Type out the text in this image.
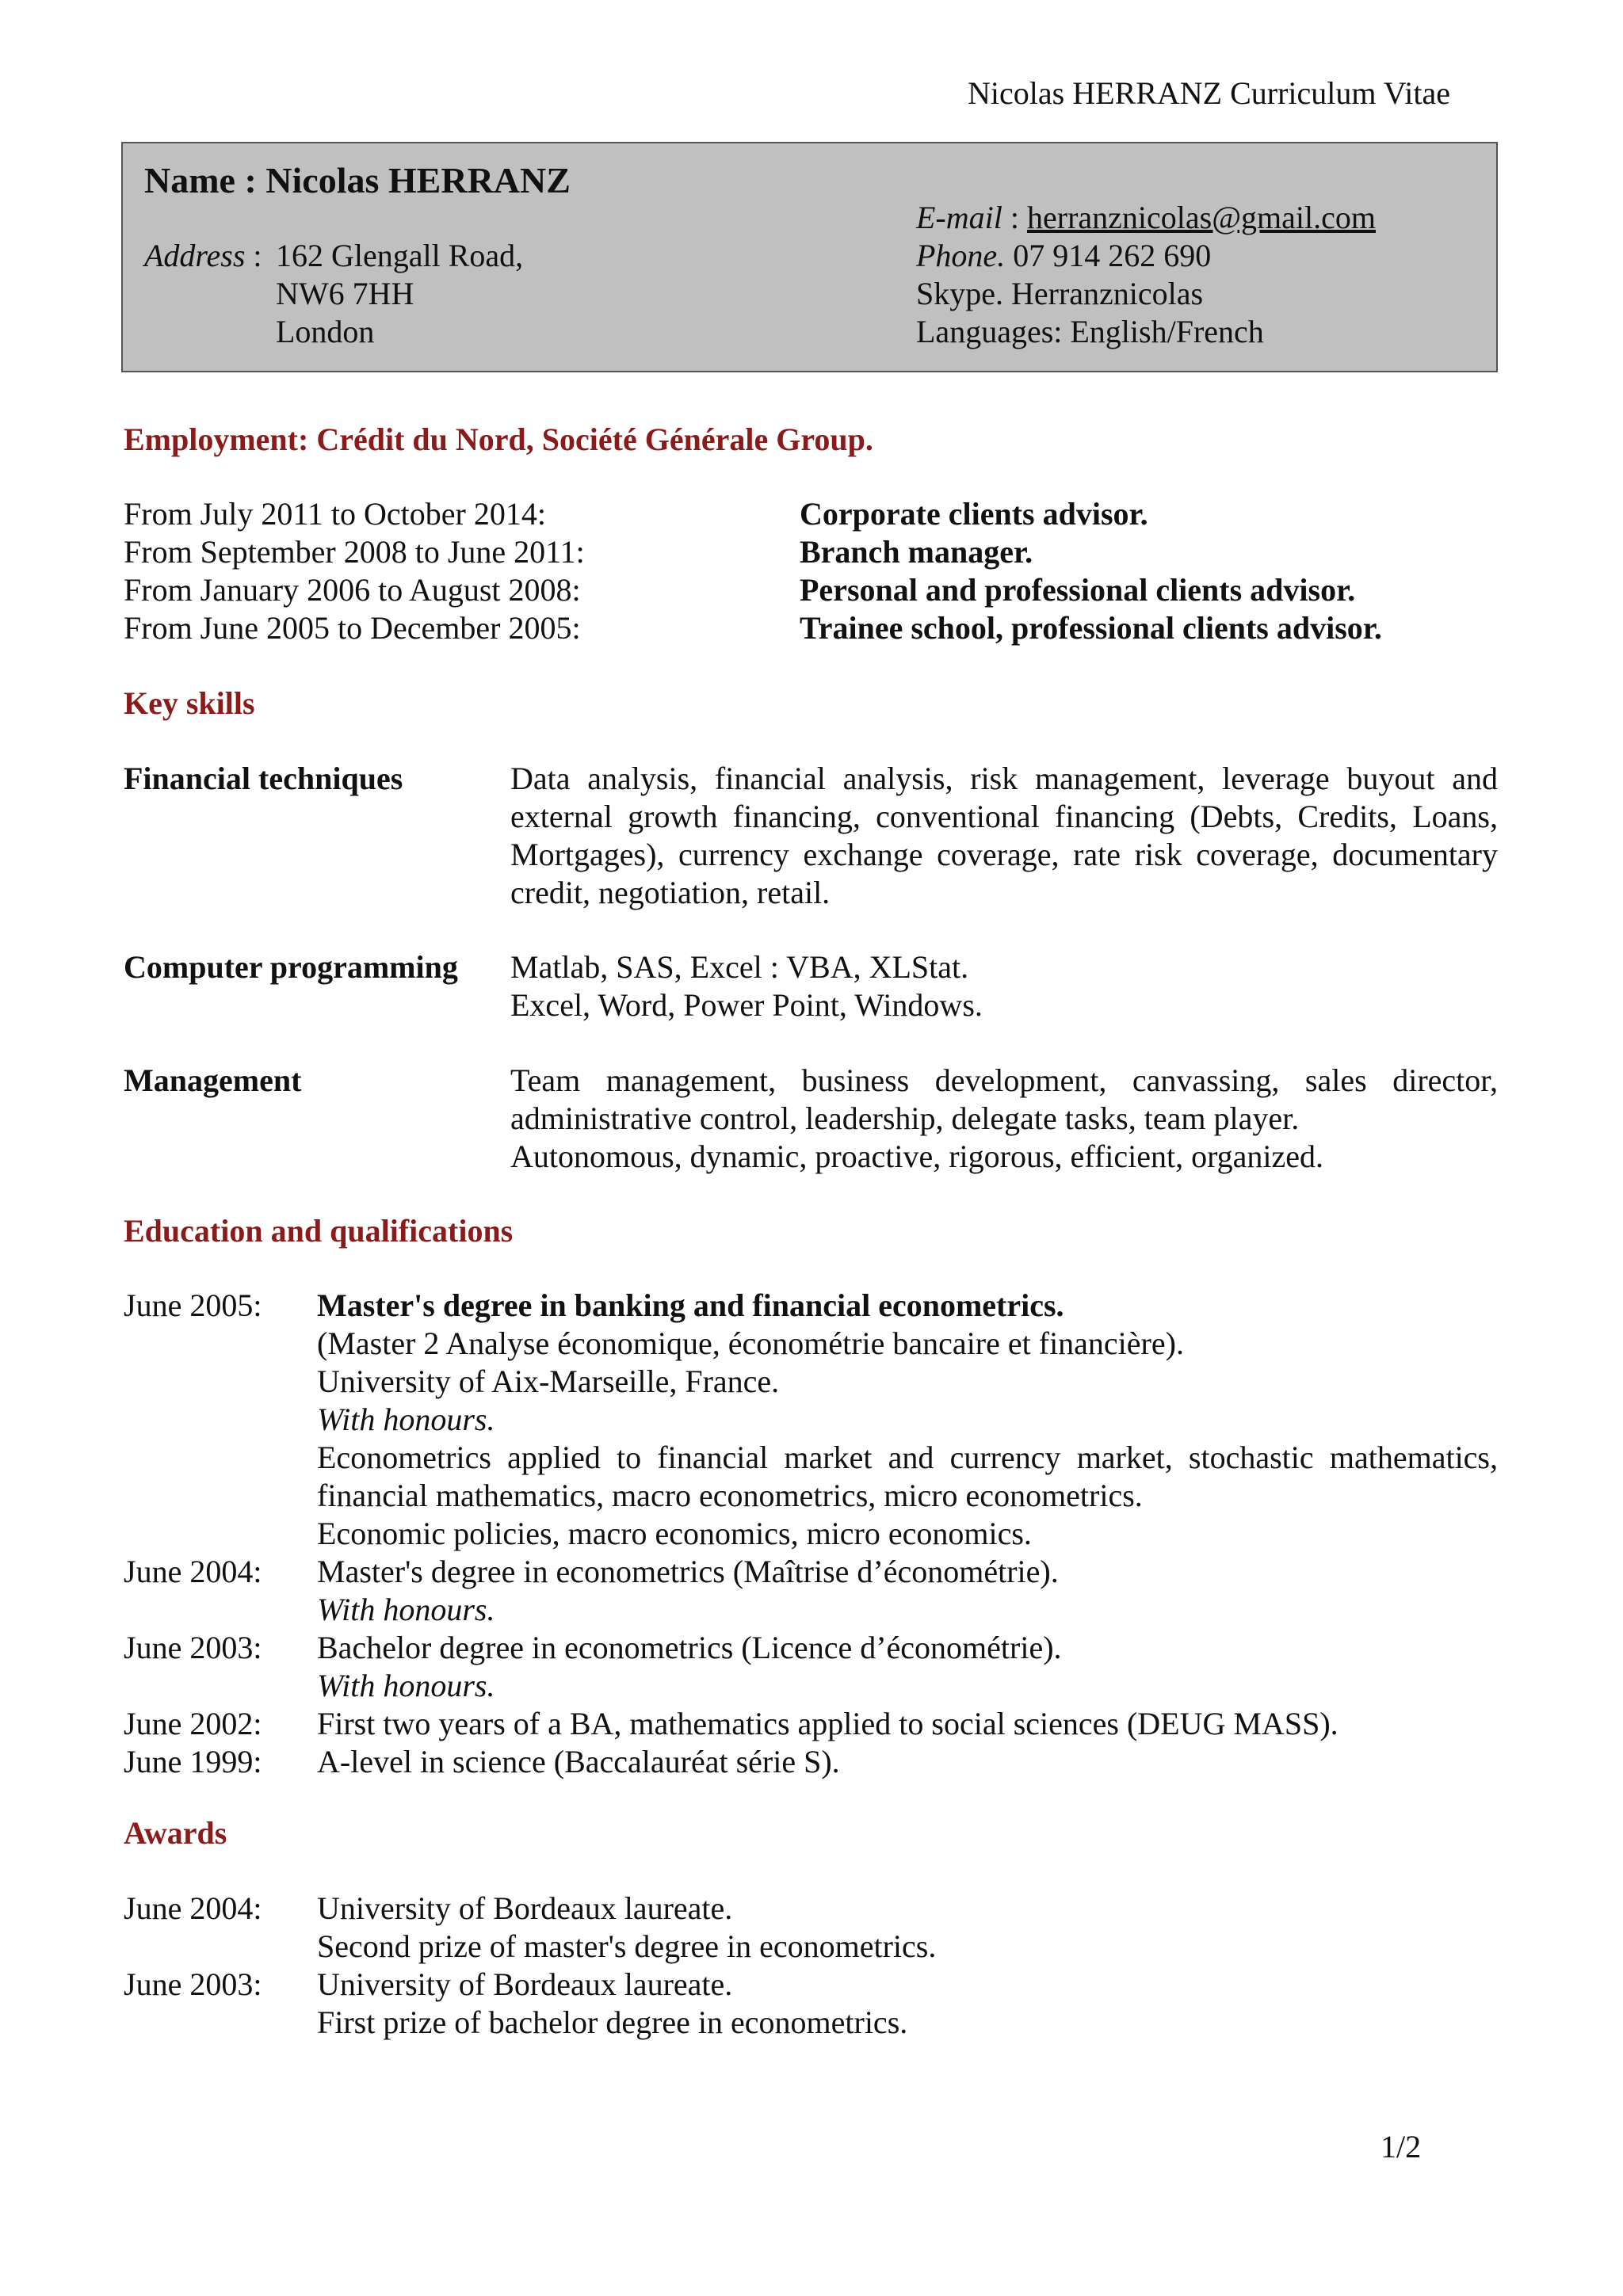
Nicolas HERRANZ Curriculum Vitae
Name : Nicolas HERRANZ
Address : 162 Glengall Road,
NW6 7HH
London
E-mail : herranznicolas@gmail.com
Phone. 07 914 262 690
Skype. Herranznicolas
Languages: English/French
Employment: Crédit du Nord, Société Générale Group.
From July 2011 to October 2014:	Corporate clients advisor.
From September 2008 to June 2011:	Branch manager.
From January 2006 to August 2008:	Personal and professional clients advisor.
From June 2005 to December 2005:	Trainee school, professional clients advisor.
Key skills
Financial techniques	Data analysis, financial analysis, risk management, leverage buyout and
external growth financing, conventional financing (Debts, Credits, Loans,
Mortgages), currency exchange coverage, rate risk coverage, documentary
credit, negotiation, retail.
Computer programming	Matlab, SAS, Excel : VBA, XLStat.
Excel, Word, Power Point, Windows.
Management	Team management, business development, canvassing, sales director,
administrative control, leadership, delegate tasks, team player.
Autonomous, dynamic, proactive, rigorous, efficient, organized.
Education and qualifications
June 2005:	Master's degree in banking and financial econometrics.
(Master 2 Analyse économique, économétrie bancaire et financière).
University of Aix-Marseille, France.
With honours.
Econometrics applied to financial market and currency market, stochastic mathematics,
financial mathematics, macro econometrics, micro econometrics.
Economic policies, macro economics, micro economics.
June 2004:	Master's degree in econometrics (Maîtrise d’économétrie).
With honours.
June 2003:	Bachelor degree in econometrics (Licence d’économétrie).
With honours.
June 2002:	First two years of a BA, mathematics applied to social sciences (DEUG MASS).
June 1999:	A-level in science (Baccalauréat série S).
Awards
June 2004:	University of Bordeaux laureate.
Second prize of master's degree in econometrics.
June 2003:	University of Bordeaux laureate.
First prize of bachelor degree in econometrics.
1/2
